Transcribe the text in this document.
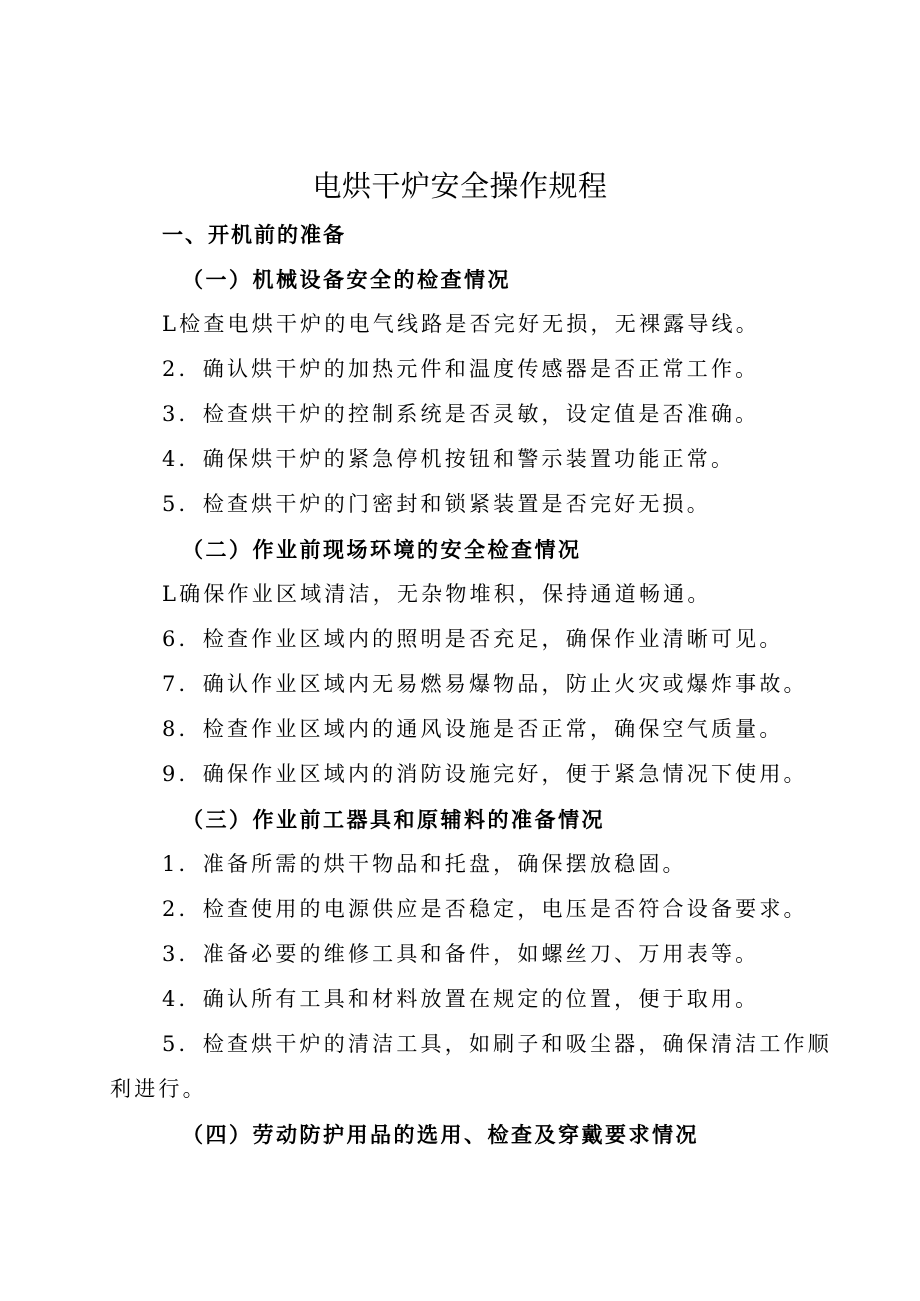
电烘干炉安全操作规程
一、开机前的准备
（一）机械设备安全的检查情况
L检查电烘干炉的电气线路是否完好无损，无裸露导线。
2．确认烘干炉的加热元件和温度传感器是否正常工作。
3．检查烘干炉的控制系统是否灵敏，设定值是否准确。
4．确保烘干炉的紧急停机按钮和警示装置功能正常。
5．检查烘干炉的门密封和锁紧装置是否完好无损。
（二）作业前现场环境的安全检查情况
L确保作业区域清洁，无杂物堆积，保持通道畅通。
6．检查作业区域内的照明是否充足，确保作业清晰可见。
7．确认作业区域内无易燃易爆物品，防止火灾或爆炸事故。
8．检查作业区域内的通风设施是否正常，确保空气质量。
9．确保作业区域内的消防设施完好，便于紧急情况下使用。
（三）作业前工器具和原辅料的准备情况
1．准备所需的烘干物品和托盘，确保摆放稳固。
2．检查使用的电源供应是否稳定，电压是否符合设备要求。
3．准备必要的维修工具和备件，如螺丝刀、万用表等。
4．确认所有工具和材料放置在规定的位置，便于取用。
5．检查烘干炉的清洁工具，如刷子和吸尘器，确保清洁工作顺
利进行。
（四）劳动防护用品的选用、检查及穿戴要求情况
